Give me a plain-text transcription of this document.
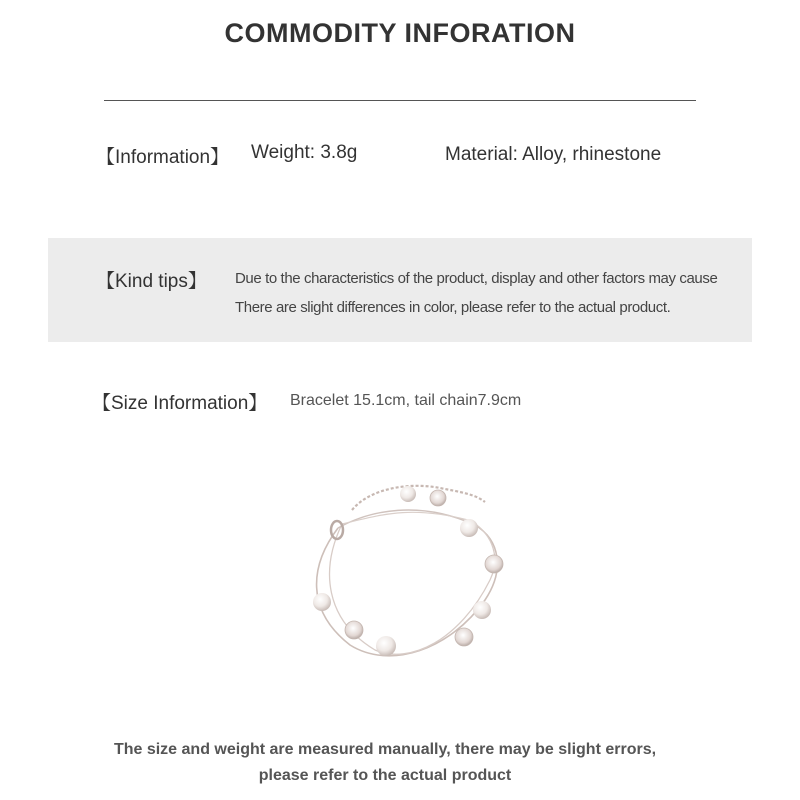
COMMODITY INFORATION
【Information】 Weight: 3.8g	Material: Alloy, rhinestone
【Kind tips】 Due to the characteristics of the product, display and other factors may cause
There are slight differences in color, please refer to the actual product.
【Size Information】 Bracelet 15.1cm, tail chain7.9cm
The size and weight are measured manually, there may be slight errors,
please refer to the actual product
